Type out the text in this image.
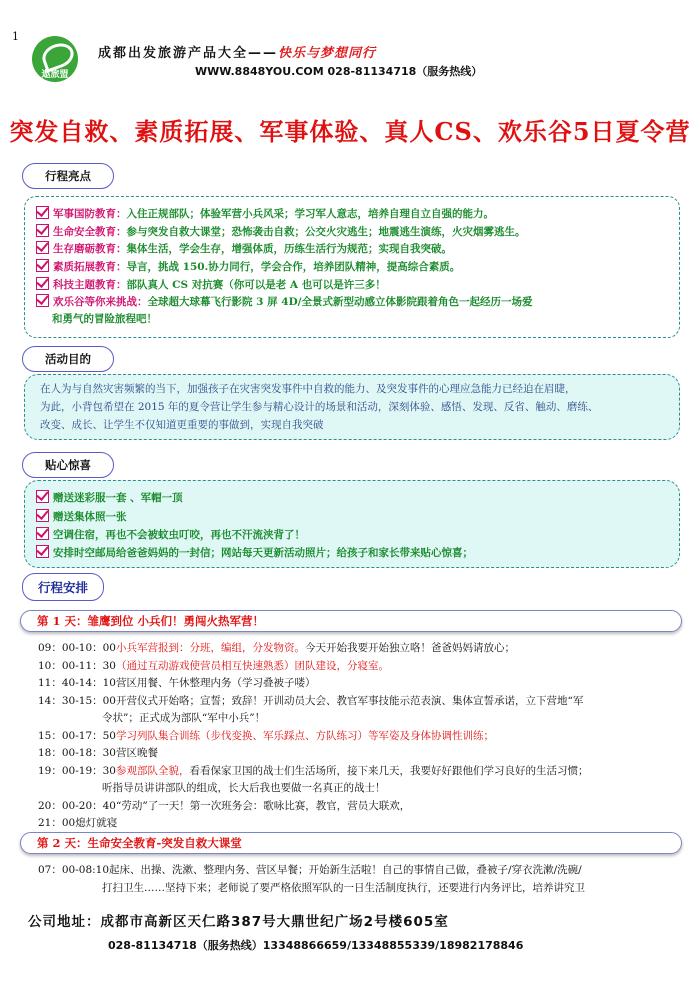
1
遨旅盟
成都出发旅游产品大全——快乐与梦想同行
WWW.8848YOU.COM 028-81134718（服务热线）
突发自救、素质拓展、军事体验、真人CS、欢乐谷5日夏令营
行程亮点
军事国防教育：入住正规部队；体验军营小兵风采；学习军人意志，培养自理自立自强的能力。
生命安全教育：参与突发自救大课堂；恐怖袭击自救；公交火灾逃生；地震逃生演练，火灾烟雾逃生。
生存磨砺教育：集体生活，学会生存，增强体质，历练生活行为规范；实现自我突破。
素质拓展教育：导言，挑战 150.协力同行，学会合作，培养团队精神，提高综合素质。
科技主题教育：部队真人 CS 对抗赛（你可以是老 A 也可以是许三多！
欢乐谷等你来挑战：全球超大球幕飞行影院 3 屏 4D/全景式新型动感立体影院跟着角色一起经历一场爱
和勇气的冒险旅程吧！
活动目的
在人为与自然灾害频繁的当下，加强孩子在灾害突发事件中自救的能力、及突发事件的心理应急能力已经迫在眉睫，
为此，小背包希望在 2015 年的夏令营让学生参与精心设计的场景和活动，深刻体验、感悟、发现、反省、触动、磨练、
改变、成长、让学生不仅知道更重要的事做到，实现自我突破
贴心惊喜
赠送迷彩服一套 、军帽一顶
赠送集体照一张
空调住宿，再也不会被蚊虫叮咬，再也不汗流浃背了！
安排时空邮局给爸爸妈妈的一封信；网站每天更新活动照片；给孩子和家长带来贴心惊喜；
行程安排
第 1 天：雏鹰到位 小兵们！勇闯火热军营！
09：00-10：00小兵军营报到：分班，编组，分发物资。今天开始我要开始独立咯！爸爸妈妈请放心；
10：00-11：30（通过互动游戏使营员相互快速熟悉）团队建设，分寝室。
11：40-14：10营区用餐、午休整理内务（学习叠被子喽）
14：30-15：00开营仪式开始咯；宣誓；致辞！开训动员大会、教官军事技能示范表演、集体宣誓承诺，立下营地“军
令状”；正式成为部队“军中小兵”！
15：00-17：50学习列队集合训练（步伐变换、军乐踩点、方队练习）等军姿及身体协调性训练；
18：00-18：30营区晚餐
19：00-19：30参观部队全貌，看看保家卫国的战士们生活场所，接下来几天，我要好好跟他们学习良好的生活习惯；
听指导员讲讲部队的组成，长大后我也要做一名真正的战士！
20：00-20：40“劳动”了一天！第一次班务会：歌咏比赛，教官，营员大联欢，
21：00熄灯就寝
第 2 天：生命安全教育-突发自救大课堂
07：00-08:10起床、出操、洗漱、整理内务、营区早餐；开始新生活啦！自己的事情自己做，叠被子/穿衣洗漱/洗碗/
打扫卫生……坚持下来；老师说了要严格依照军队的一日生活制度执行，还要进行内务评比，培养讲究卫
公司地址：成都市高新区天仁路387号大鼎世纪广场2号楼605室
028-81134718（服务热线）13348866659/13348855339/18982178846
